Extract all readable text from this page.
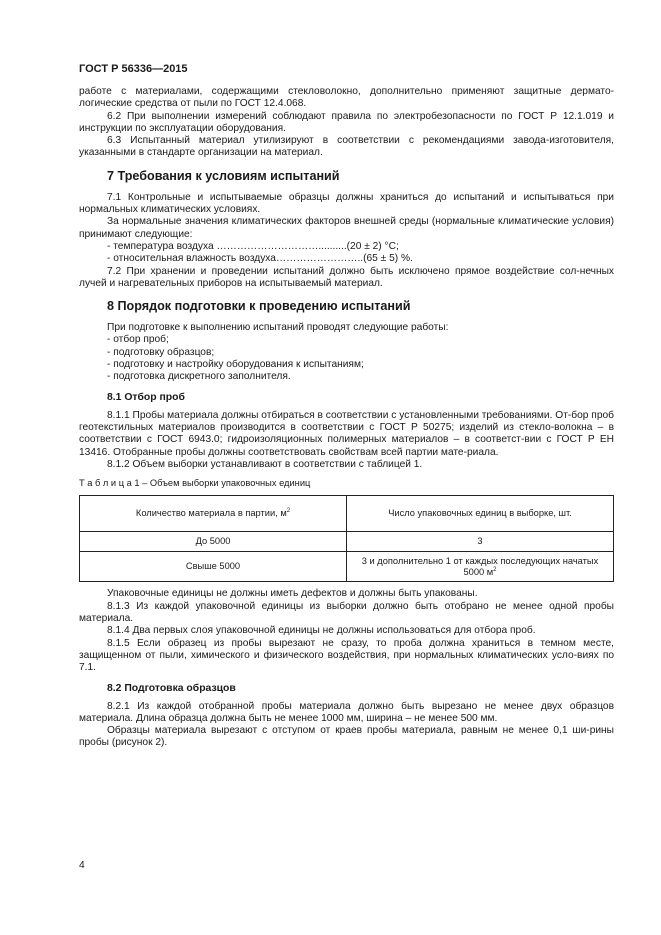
ГОСТ Р 56336—2015

работе с материалами, содержащими стекловолокно, дополнительно применяют защитные дермато-логические средства от пыли по ГОСТ 12.4.068.

6.2 При выполнении измерений соблюдают правила по электробезопасности по ГОСТ Р 12.1.019 и инструкции по эксплуатации оборудования.

6.3 Испытанный материал утилизируют в соответствии с рекомендациями завода-изготовителя, указанными в стандарте организации на материал.

7 Требования к условиям испытаний

7.1 Контрольные и испытываемые образцы должны храниться до испытаний и испытываться при нормальных климатических условиях.

За нормальные значения климатических факторов внешней среды (нормальные климатические условия) принимают следующие:

- температура воздуха …………………………..........(20 ± 2) °С;

- относительная влажность воздуха……………………..(65 ± 5) %.

7.2 При хранении и проведении испытаний должно быть исключено прямое воздействие сол-нечных лучей и нагревательных приборов на испытываемый материал.

8 Порядок подготовки к проведению испытаний

При подготовке к выполнению испытаний проводят следующие работы:

- отбор проб;

- подготовку образцов;

- подготовку и настройку оборудования к испытаниям;

- подготовка дискретного заполнителя.

8.1 Отбор проб

8.1.1 Пробы материала должны отбираться в соответствии с установленными требованиями. От-бор проб геотекстильных материалов производится в соответствии с ГОСТ Р 50275; изделий из стекло-волокна – в соответствии с ГОСТ 6943.0; гидроизоляционных полимерных материалов – в соответст-вии с ГОСТ Р ЕН 13416. Отобранные пробы должны соответствовать свойствам всей партии мате-риала.

8.1.2 Объем выборки устанавливают в соответствии с таблицей 1.

Т а б л и ц а 1 – Объем выборки упаковочных единиц

Количество материала в партии, $м^2$	Число упаковочных единиц в выборке, шт.
До 5000	3
Свыше 5000	3 и дополнительно 1 от каждых последующих начатых 5000 $м^2$

Упаковочные единицы не должны иметь дефектов и должны быть упакованы.

8.1.3 Из каждой упаковочной единицы из выборки должно быть отобрано не менее одной пробы материала.

8.1.4 Два первых слоя упаковочной единицы не должны использоваться для отбора проб.

8.1.5 Если образец из пробы вырезают не сразу, то проба должна храниться в темном месте, защищенном от пыли, химического и физического воздействия, при нормальных климатических усло-виях по 7.1.

8.2 Подготовка образцов

8.2.1 Из каждой отобранной пробы материала должно быть вырезано не менее двух образцов материала. Длина образца должна быть не менее 1000 мм, ширина – не менее 500 мм.

Образцы материала вырезают с отступом от краев пробы материала, равным не менее 0,1 ши-рины пробы (рисунок 2).

4
